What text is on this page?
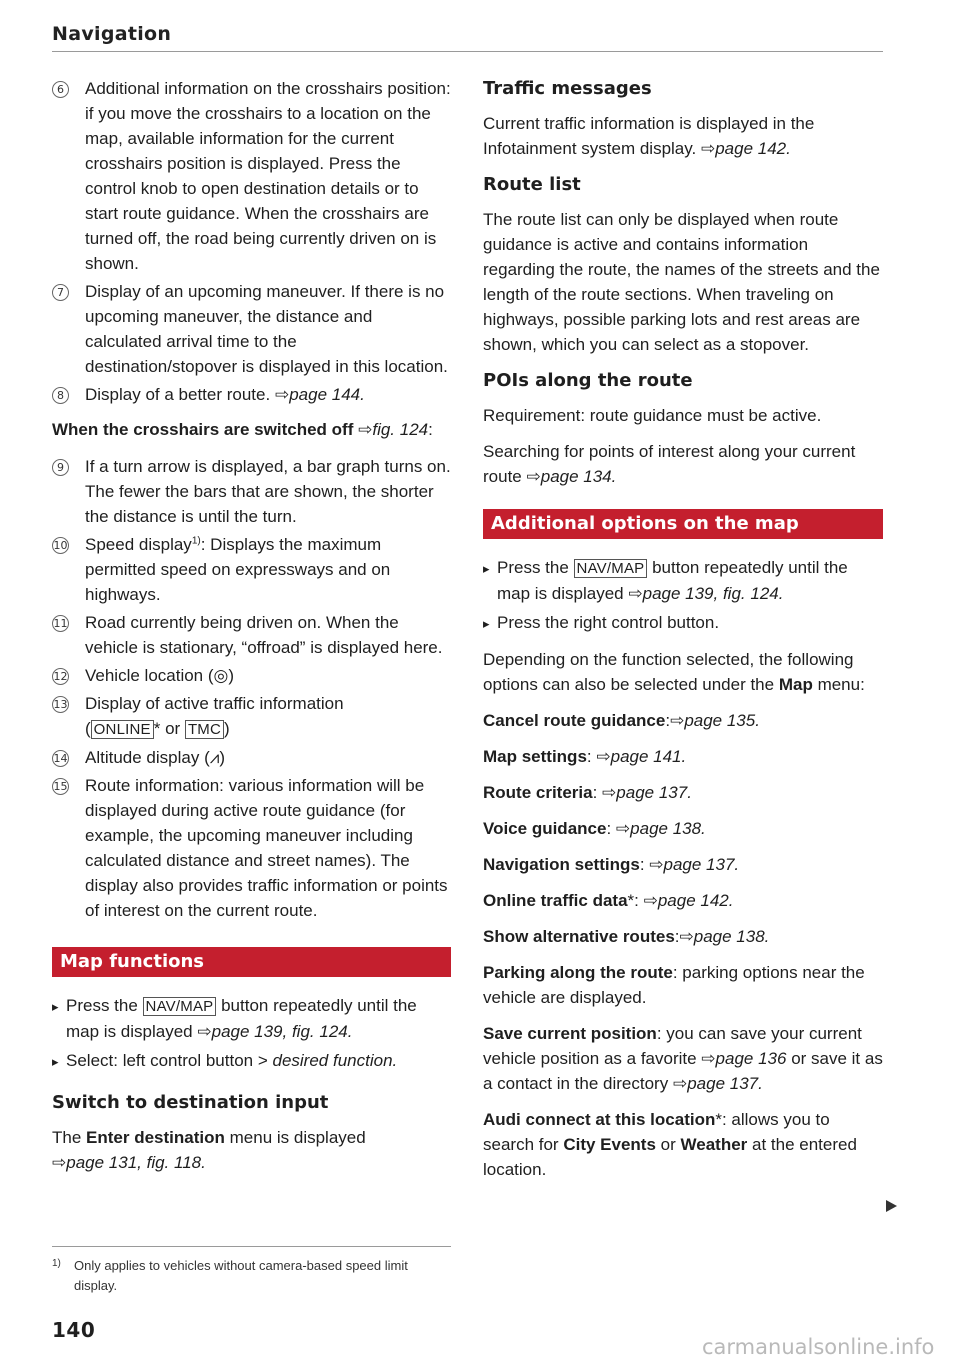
Navigation
6 Additional information on the crosshairs position: if you move the crosshairs to a location on the map, available information for the current crosshairs position is displayed. Press the control knob to open destination details or to start route guidance. When the crosshairs are turned off, the road being currently driven on is shown.
7 Display of an upcoming maneuver. If there is no upcoming maneuver, the distance and calculated arrival time to the destination/stopover is displayed in this location.
8 Display of a better route. ⇨page 144.

When the crosshairs are switched off ⇨fig. 124:

9 If a turn arrow is displayed, a bar graph turns on. The fewer the bars that are shown, the shorter the distance is until the turn.
10 Speed display$^{1)}$: Displays the maximum permitted speed on expressways and on highways.
11 Road currently being driven on. When the vehicle is stationary, “offroad” is displayed here.
12 Vehicle location (◎)
13 Display of active traffic information
( ONLINE * or TMC )
14 Altitude display (⩘)
15 Route information: various information will be displayed during active route guidance (for example, the upcoming maneuver including calculated distance and street names). The display also provides traffic information or points of interest on the current route.
Map functions

▸ Press the NAV/MAP button repeatedly until the map is displayed ⇨page 139, fig. 124.

▸ Select: left control button > desired function.

Switch to destination input

The Enter destination menu is displayed
⇨page 131, fig. 118.

1)	Only applies to vehicles without camera-based speed limit display.
140
Traffic messages

Current traffic information is displayed in the Infotainment system display. ⇨page 142.

Route list

The route list can only be displayed when route guidance is active and contains information regarding the route, the names of the streets and the length of the route sections. When traveling on highways, possible parking lots and rest areas are shown, which you can select as a stopover.

POIs along the route

Requirement: route guidance must be active.

Searching for points of interest along your current route ⇨page 134.

Additional options on the map

▸ Press the NAV/MAP button repeatedly until the map is displayed ⇨page 139, fig. 124.

▸ Press the right control button.

Depending on the function selected, the following options can also be selected under the Map menu:

Cancel route guidance:⇨page 135.

Map settings: ⇨page 141.

Route criteria: ⇨page 137.

Voice guidance: ⇨page 138.

Navigation settings: ⇨page 137.

Online traffic data*: ⇨page 142.

Show alternative routes:⇨page 138.

Parking along the route: parking options near the vehicle are displayed.

Save current position: you can save your current vehicle position as a favorite ⇨page 136 or save it as a contact in the directory ⇨page 137.

Audi connect at this location*: allows you to search for City Events or Weather at the entered location.

carmanualsonline.info
